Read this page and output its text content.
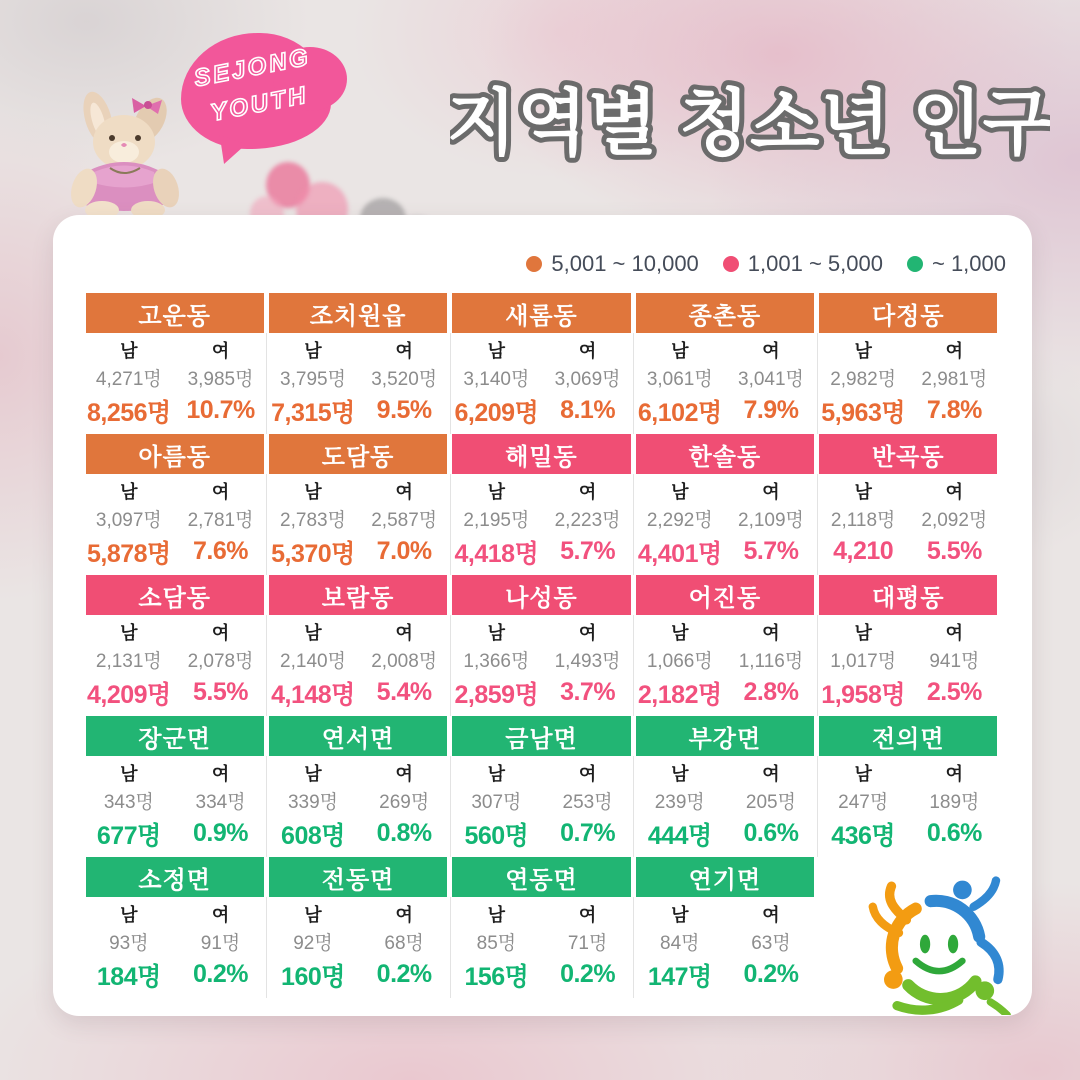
SEJONG
YOUTH	지역별 청소년 인구
5,001 ~ 10,000 1,001 ~ 5,000 ~ 1,000
고운동
남	여
4,271명	3,985명
8,256명 10.7%
조치원읍
남	여
3,795명	3,520명
7,315명 9.5%
새롬동
남	여
3,140명	3,069명
6,209명 8.1%
종촌동
남	여
3,061명	3,041명
6,102명 7.9%
다정동
남	여
2,982명	2,981명
5,963명 7.8%
아름동
남	여
3,097명	2,781명
5,878명 7.6%
도담동
남	여
2,783명	2,587명
5,370명 7.0%
해밀동
남	여
2,195명	2,223명
4,418명 5.7%
한솔동
남	여
2,292명	2,109명
4,401명 5.7%
반곡동
남	여
2,118명	2,092명
4,210	5.5%
소담동
남	여
2,131명	2,078명
4,209명 5.5%
보람동
남	여
2,140명	2,008명
4,148명 5.4%
나성동
남	여
1,366명	1,493명
2,859명 3.7%
어진동
남	여
1,066명	1,116명
2,182명 2.8%
대평동
남	여
1,017명	941명
1,958명 2.5%
장군면
남	여
343명	334명
677명	0.9%
연서면
남	여
339명	269명
608명	0.8%
금남면
남	여
307명	253명
560명	0.7%
부강면
남	여
239명	205명
444명	0.6%
전의면
남	여
247명	189명
436명	0.6%
소정면
남	여
93명	91명
184명	0.2%
전동면
남	여
92명	68명
160명	0.2%
연동면
남	여
85명	71명
156명	0.2%
연기면
남	여
84명	63명
147명	0.2%
